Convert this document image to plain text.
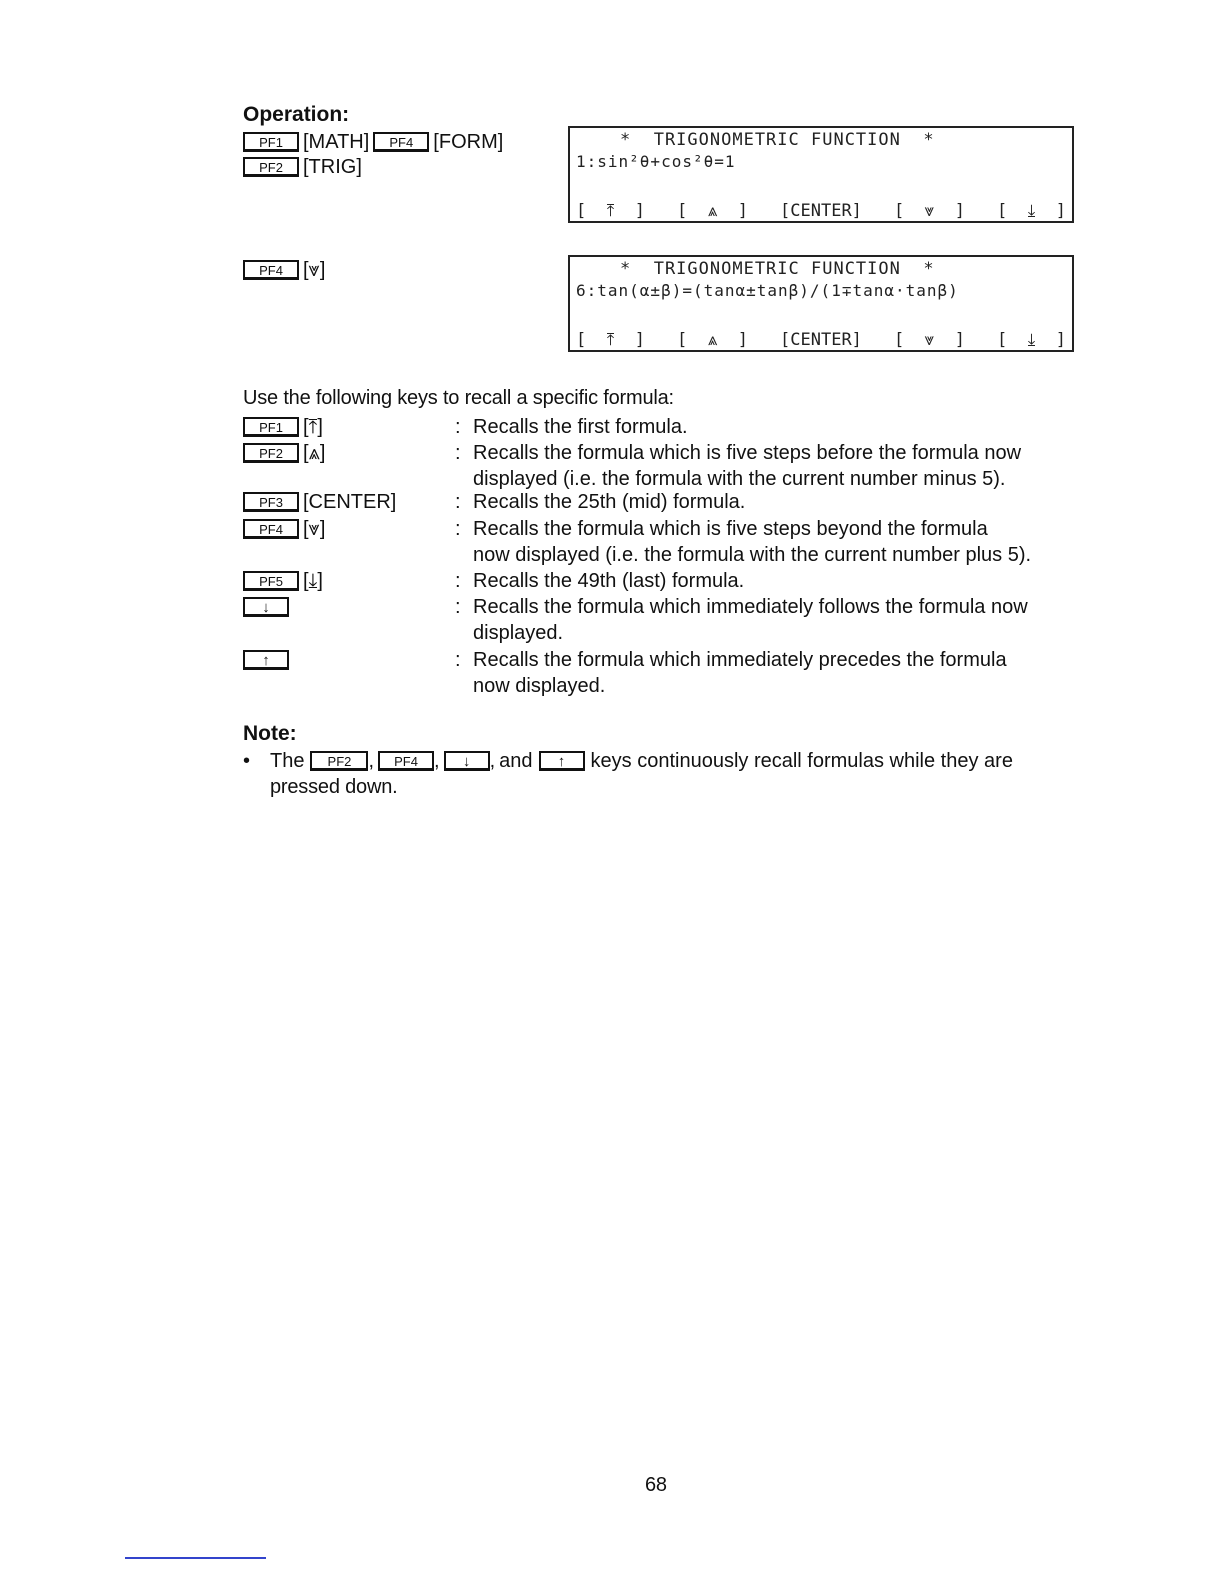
Operation:
PF1	[MATH]	PF4	[FORM]
PF2	[TRIG]
PF4	[⩔]
*  TRIGONOMETRIC FUNCTION  *
1:sin²θ+cos²θ=1
[  ⤒  ] [  ⩓  ] [CENTER] [  ⩔  ] [  ⤓  ]
*  TRIGONOMETRIC FUNCTION  *
6:tan(α±β)=(tanα±tanβ)/(1∓tanα·tanβ)
[  ⤒  ] [  ⩓  ] [CENTER] [  ⩔  ] [  ⤓  ]
Use the following keys to recall a specific formula:
PF1	[⤒]	: Recalls the first formula.
PF2	[⩓]	: Recalls the formula which is five steps before the formula now
displayed (i.e. the formula with the current number minus 5).
PF3	[CENTER]	: Recalls the 25th (mid) formula.
PF4	[⩔]	: Recalls the formula which is five steps beyond the formula
now displayed (i.e. the formula with the current number plus 5).
PF5	[⤓]	: Recalls the 49th (last) formula.
↓	: Recalls the formula which immediately follows the formula now
displayed.
↑	: Recalls the formula which immediately precedes the formula
now displayed.
Note:
• The	PF2 ,	PF4 ,	↓ , and	↑	keys continuously recall formulas while they are
pressed down.
68
